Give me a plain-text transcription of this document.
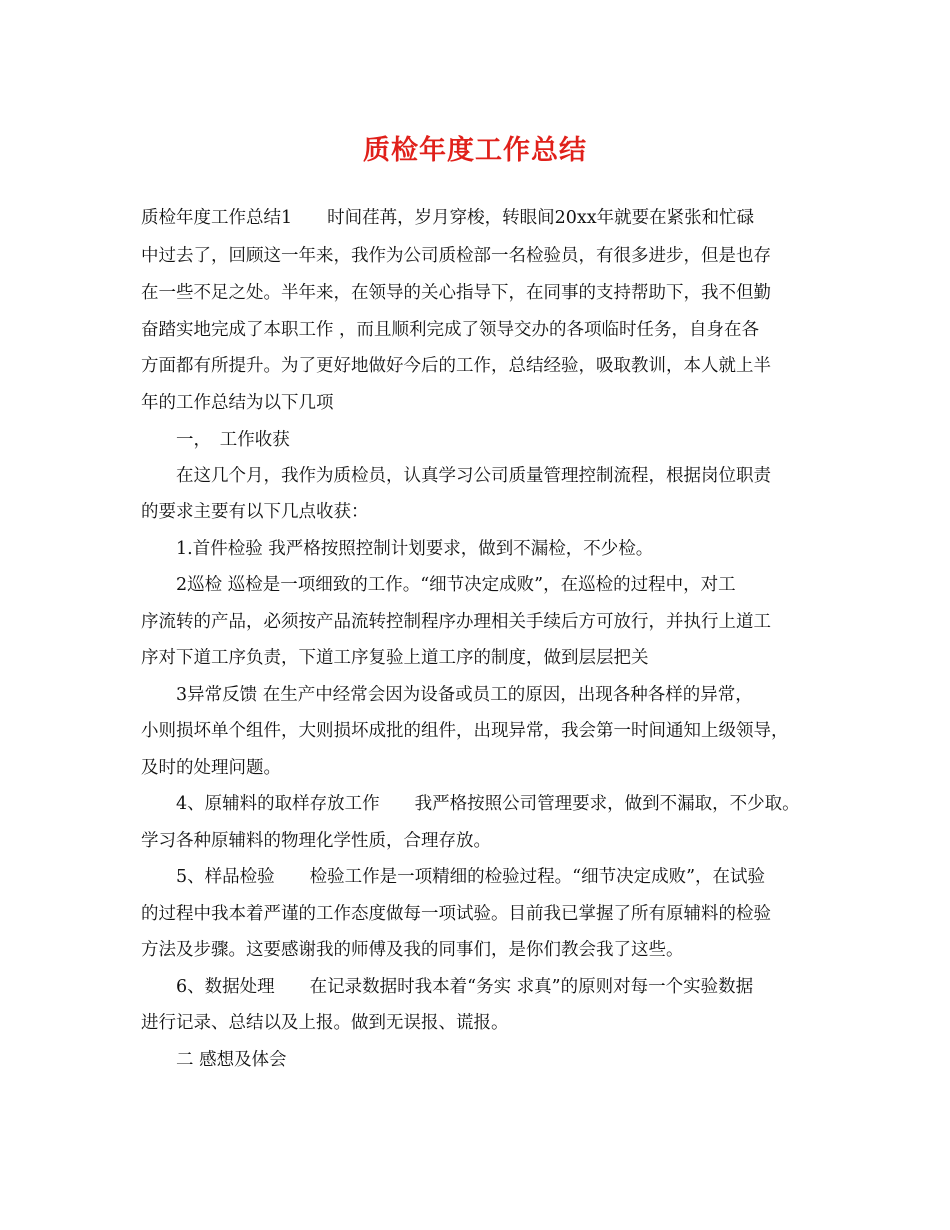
质检年度工作总结
质检年度工作总结1　　时间荏苒，岁月穿梭，转眼间20xx年就要在紧张和忙碌
中过去了，回顾这一年来，我作为公司质检部一名检验员，有很多进步，但是也存
在一些不足之处。半年来，在领导的关心指导下，在同事的支持帮助下，我不但勤
奋踏实地完成了本职工作 ，而且顺利完成了领导交办的各项临时任务，自身在各
方面都有所提升。为了更好地做好今后的工作，总结经验，吸取教训，本人就上半
年的工作总结为以下几项
一，　工作收获
在这几个月，我作为质检员，认真学习公司质量管理控制流程，根据岗位职责
的要求主要有以下几点收获：
1.首件检验 我严格按照控制计划要求，做到不漏检，不少检。
2巡检 巡检是一项细致的工作。“细节决定成败”，在巡检的过程中，对工
序流转的产品，必须按产品流转控制程序办理相关手续后方可放行，并执行上道工
序对下道工序负责，下道工序复验上道工序的制度，做到层层把关
3异常反馈 在生产中经常会因为设备或员工的原因，出现各种各样的异常，
小则损坏单个组件，大则损坏成批的组件，出现异常，我会第一时间通知上级领导，
及时的处理问题。
4、原辅料的取样存放工作　　我严格按照公司管理要求，做到不漏取，不少取。
学习各种原辅料的物理化学性质，合理存放。
5、样品检验　　检验工作是一项精细的检验过程。“细节决定成败”，在试验
的过程中我本着严谨的工作态度做每一项试验。目前我已掌握了所有原辅料的检验
方法及步骤。这要感谢我的师傅及我的同事们，是你们教会我了这些。
6、数据处理　　在记录数据时我本着“务实 求真”的原则对每一个实验数据
进行记录、总结以及上报。做到无误报、谎报。
二 感想及体会
